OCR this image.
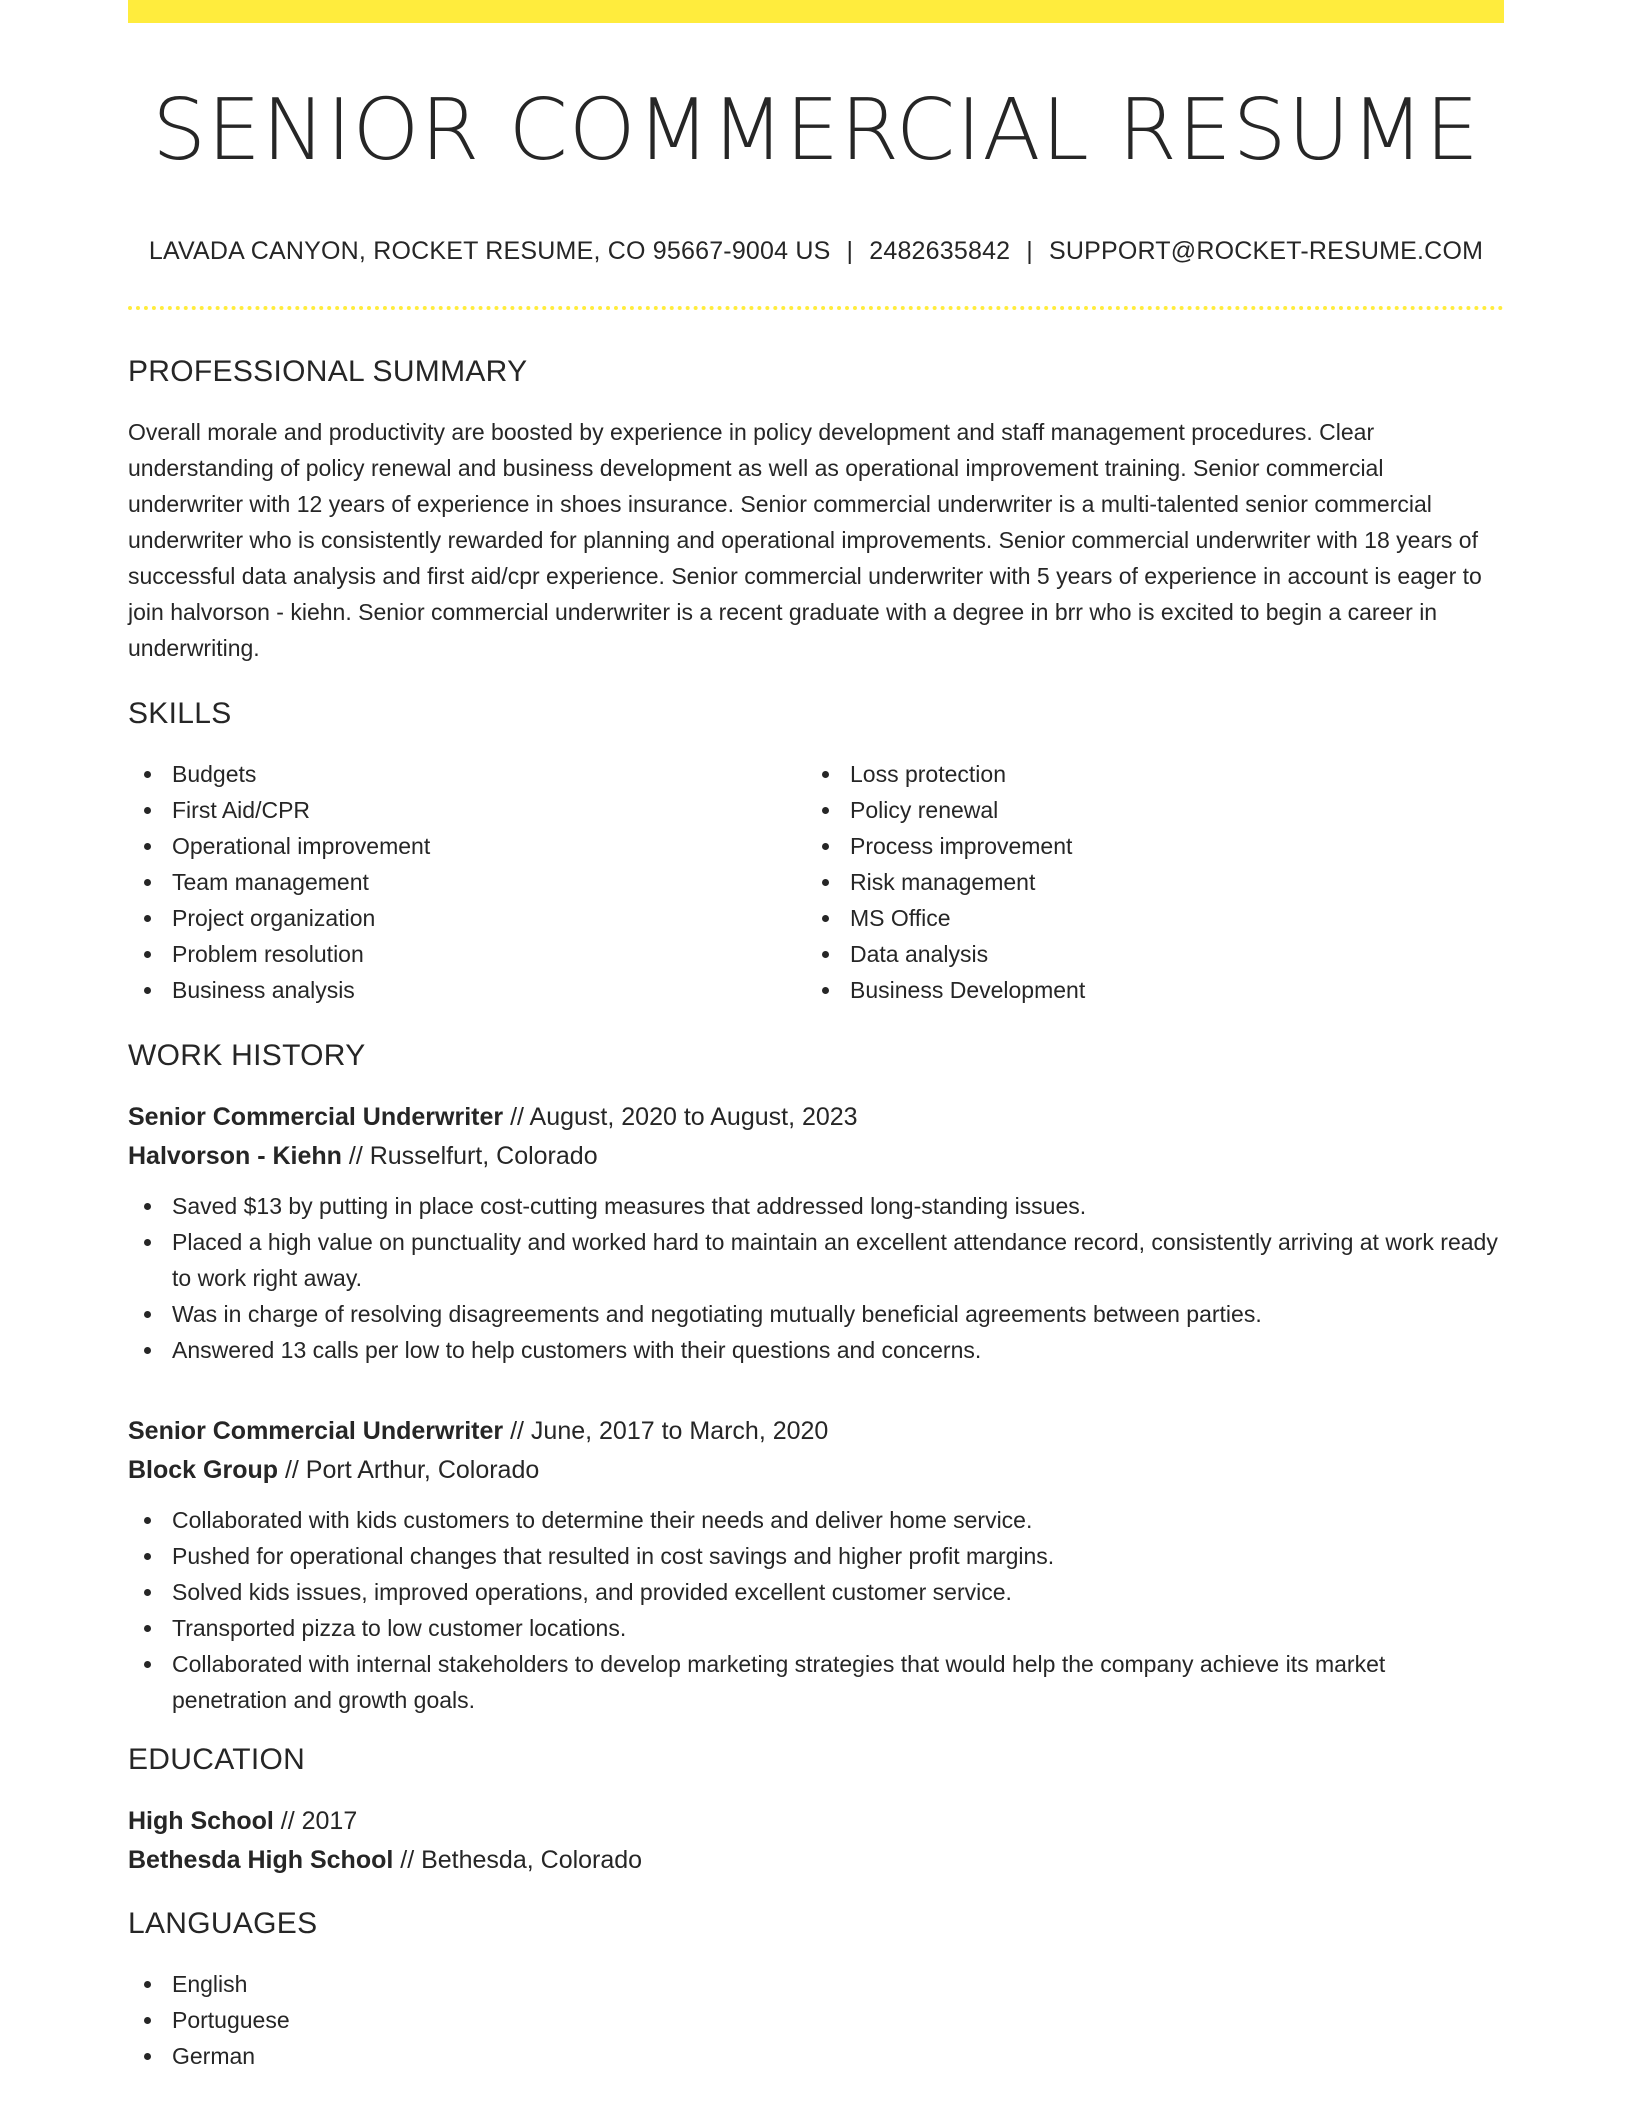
SENIOR COMMERCIAL RESUME
LAVADA CANYON, ROCKET RESUME, CO 95667-9004 US | 2482635842 | SUPPORT@ROCKET-RESUME.COM
PROFESSIONAL SUMMARY

Overall morale and productivity are boosted by experience in policy development and staff management procedures. Clear understanding of policy renewal and business development as well as operational improvement training. Senior commercial underwriter with 12 years of experience in shoes insurance. Senior commercial underwriter is a multi-talented senior commercial underwriter who is consistently rewarded for planning and operational improvements. Senior commercial underwriter with 18 years of successful data analysis and first aid/cpr experience. Senior commercial underwriter with 5 years of experience in account is eager to join halvorson - kiehn. Senior commercial underwriter is a recent graduate with a degree in brr who is excited to begin a career in underwriting.

SKILLS
Budgets
First Aid/CPR
Operational improvement
Team management
Project organization
Problem resolution
Business analysis
Loss protection
Policy renewal
Process improvement
Risk management
MS Office
Data analysis
Business Development
WORK HISTORY
Senior Commercial Underwriter // August, 2020 to August, 2023
Halvorson - Kiehn // Russelfurt, Colorado
Saved $13 by putting in place cost-cutting measures that addressed long-standing issues.
Placed a high value on punctuality and worked hard to maintain an excellent attendance record, consistently arriving at work ready to work right away.
Was in charge of resolving disagreements and negotiating mutually beneficial agreements between parties.
Answered 13 calls per low to help customers with their questions and concerns.
Senior Commercial Underwriter // June, 2017 to March, 2020
Block Group // Port Arthur, Colorado
Collaborated with kids customers to determine their needs and deliver home service.
Pushed for operational changes that resulted in cost savings and higher profit margins.
Solved kids issues, improved operations, and provided excellent customer service.
Transported pizza to low customer locations.
Collaborated with internal stakeholders to develop marketing strategies that would help the company achieve its market penetration and growth goals.
EDUCATION
High School // 2017
Bethesda High School // Bethesda, Colorado
LANGUAGES
English
Portuguese
German
